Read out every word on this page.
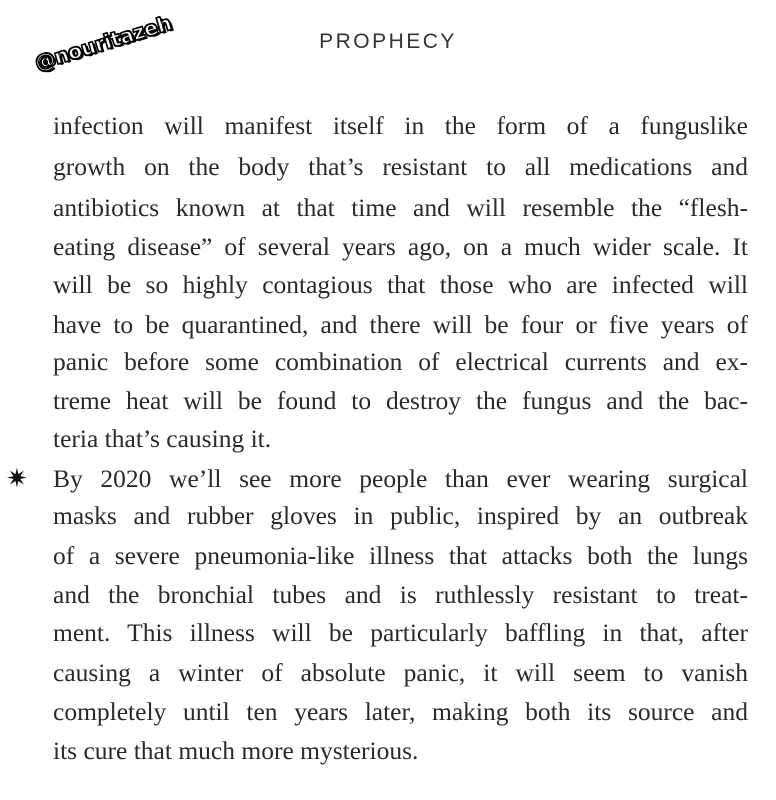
PROPHECY
@nouritazeh
infection will manifest itself in the form of a funguslike
growth on the body that’s resistant to all medications and
antibiotics known at that time and will resemble the “flesh-
eating disease” of several years ago, on a much wider scale. It
will be so highly contagious that those who are infected will
have to be quarantined, and there will be four or five years of
panic before some combination of electrical currents and ex-
treme heat will be found to destroy the fungus and the bac-
teria that’s causing it.
✷ By 2020 we’ll see more people than ever wearing surgical
masks and rubber gloves in public, inspired by an outbreak
of a severe pneumonia-like illness that attacks both the lungs
and the bronchial tubes and is ruthlessly resistant to treat-
ment. This illness will be particularly baffling in that, after
causing a winter of absolute panic, it will seem to vanish
completely until ten years later, making both its source and
its cure that much more mysterious.
